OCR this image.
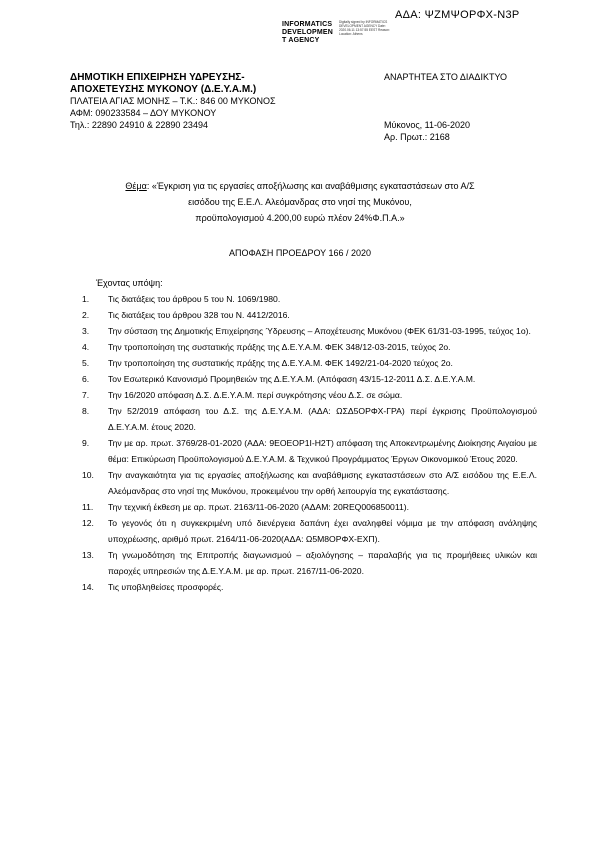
ΑΔΑ: ΨΖΜΨΟΡΦΧ-Ν3Ρ
INFORMATICS
DEVELOPMEN
T AGENCY
Digitally signed by INFORMATICS DEVELOPMENT AGENCY Date: 2020.06.11 13:57:55 EEST Reason: Location: Athens
ΔΗΜΟΤΙΚΗ ΕΠΙΧΕΙΡΗΣΗ ΥΔΡΕΥΣΗΣ-
ΑΠΟΧΕΤΕΥΣΗΣ ΜΥΚΟΝΟΥ (Δ.Ε.Υ.Α.Μ.)
ΠΛΑΤΕΙΑ ΑΓΙΑΣ ΜΟΝΗΣ – Τ.Κ.: 846 00 ΜΥΚΟΝΟΣ
ΑΦΜ: 090233584 – ΔΟΥ ΜΥΚΟΝΟΥ
Τηλ.: 22890 24910 & 22890 23494
ΑΝΑΡΤΗΤΕΑ ΣΤΟ ΔΙΑΔΙΚΤΥΟ
Μύκονος, 11-06-2020
Αρ. Πρωτ.: 2168
Θέμα: «Έγκριση για τις εργασίες αποξήλωσης και αναβάθμισης εγκαταστάσεων στο Α/Σ
εισόδου της Ε.Ε.Λ. Αλεόμανδρας στο νησί της Μυκόνου,
προϋπολογισμού 4.200,00 ευρώ πλέον 24%Φ.Π.Α.»
ΑΠΟΦΑΣΗ ΠΡΟΕΔΡΟΥ 166 / 2020
Έχοντας υπόψη:
1.	Τις διατάξεις του άρθρου 5 του Ν. 1069/1980.
2.	Τις διατάξεις του άρθρου 328 του Ν. 4412/2016.
3.	Την σύσταση της Δημοτικής Επιχείρησης Ύδρευσης – Αποχέτευσης Μυκόνου (ΦΕΚ 61/31-03-1995, τεύχος 1ο).
4.	Την τροποποίηση της συστατικής πράξης της Δ.Ε.Υ.Α.Μ. ΦΕΚ 348/12-03-2015, τεύχος 2ο.
5.	Την τροποποίηση της συστατικής πράξης της Δ.Ε.Υ.Α.Μ. ΦΕΚ 1492/21-04-2020 τεύχος 2ο.
6.	Τον Εσωτερικό Κανονισμό Προμηθειών της Δ.Ε.Υ.Α.Μ. (Απόφαση 43/15-12-2011 Δ.Σ. Δ.Ε.Υ.Α.Μ.
7.	Την 16/2020 απόφαση Δ.Σ. Δ.Ε.Υ.Α.Μ. περί συγκρότησης νέου Δ.Σ. σε σώμα.
8.	Την 52/2019 απόφαση του Δ.Σ. της Δ.Ε.Υ.Α.Μ. (ΑΔΑ: ΩΣΔ5ΟΡΦΧ-ΓΡΑ) περί έγκρισης Προϋπολογισμού Δ.Ε.Υ.Α.Μ. έτους 2020.
9.	Την με αρ. πρωτ. 3769/28-01-2020 (ΑΔΑ: 9ΕΟΕΟΡ1Ι-Η2Τ) απόφαση της Αποκεντρωμένης Διοίκησης Αιγαίου με θέμα: Επικύρωση Προϋπολογισμού Δ.Ε.Υ.Α.Μ. & Τεχνικού Προγράμματος Έργων Οικονομικού Έτους 2020.
10.	Την αναγκαιότητα για τις εργασίες αποξήλωσης και αναβάθμισης εγκαταστάσεων στο Α/Σ εισόδου της Ε.Ε.Λ. Αλεόμανδρας στο νησί της Μυκόνου, προκειμένου την ορθή λειτουργία της εγκατάστασης.
11.	Την τεχνική έκθεση με αρ. πρωτ. 2163/11-06-2020 (ΑΔΑΜ: 20REQ006850011).
12.	Το γεγονός ότι η συγκεκριμένη υπό διενέργεια δαπάνη έχει αναληφθεί νόμιμα με την απόφαση ανάληψης υποχρέωσης, αριθμό πρωτ. 2164/11-06-2020(ΑΔΑ: Ω5Μ8ΟΡΦΧ-ΕΧΠ).
13.	Τη γνωμοδότηση της Επιτροπής διαγωνισμού – αξιολόγησης – παραλαβής για τις προμήθειες υλικών και παροχές υπηρεσιών της Δ.Ε.Υ.Α.Μ. με αρ. πρωτ. 2167/11-06-2020.
14.	Τις υποβληθείσες προσφορές.
